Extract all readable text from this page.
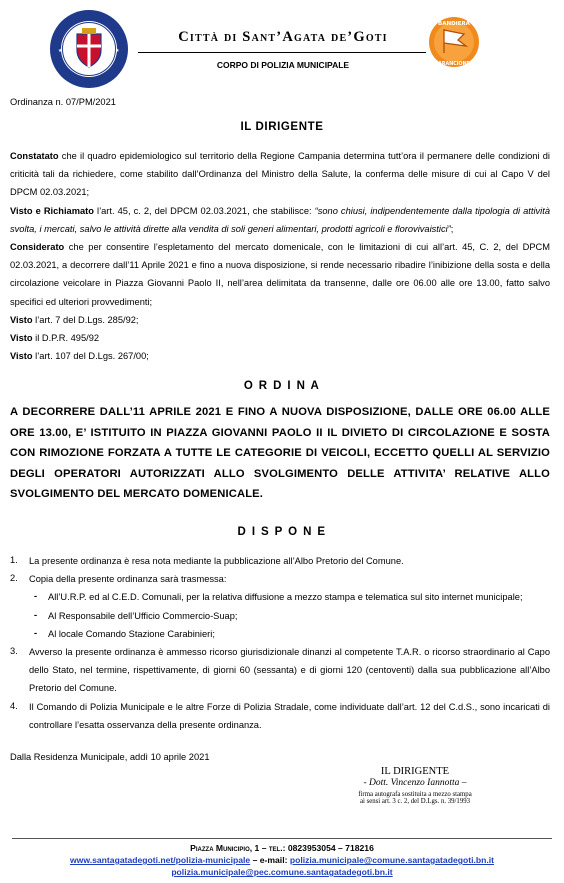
★	★
Città di Sant’Agata de’Goti
CORPO DI POLIZIA MUNICIPALE
BANDIERA
ARANCIONE
Ordinanza n. 07/PM/2021
IL DIRIGENTE

Constatato che il quadro epidemiologico sul territorio della Regione Campania determina tutt’ora il permanere delle condizioni di criticità tali da richiedere, come stabilito dall’Ordinanza del Ministro della Salute, la conferma delle misure di cui al Capo V del DPCM 02.03.2021;

Visto e Richiamato l’art. 45, c. 2, del DPCM 02.03.2021, che stabilisce: “sono chiusi, indipendentemente dalla tipologia di attività svolta, i mercati, salvo le attività dirette alla vendita di soli generi alimentari, prodotti agricoli e florovivaistici”;

Considerato che per consentire l’espletamento del mercato domenicale, con le limitazioni di cui all’art. 45, C. 2, del DPCM 02.03.2021, a decorrere dall’11 Aprile 2021 e fino a nuova disposizione, si rende necessario ribadire l’inibizione della sosta e della circolazione veicolare in Piazza Giovanni Paolo II, nell’area delimitata da transenne, dalle ore 06.00 alle ore 13.00, fatto salvo specifici ed ulteriori provvedimenti;

Visto l’art. 7 del D.Lgs. 285/92;

Visto il D.P.R. 495/92

Visto l’art. 107 del D.Lgs. 267/00;

O R D I N A

A DECORRERE DALL’11 APRILE 2021 E FINO A NUOVA DISPOSIZIONE, DALLE ORE 06.00 ALLE ORE 13.00, E’ ISTITUITO IN PIAZZA GIOVANNI PAOLO II IL DIVIETO DI CIRCOLAZIONE E SOSTA CON RIMOZIONE FORZATA A TUTTE LE CATEGORIE DI VEICOLI, ECCETTO QUELLI AL SERVIZIO DEGLI OPERATORI AUTORIZZATI ALLO SVOLGIMENTO DELLE ATTIVITA’ RELATIVE ALLO SVOLGIMENTO DEL MERCATO DOMENICALE.

D I S P O N E
1. La presente ordinanza è resa nota mediante la pubblicazione all’Albo Pretorio del Comune.

2. Copia della presente ordinanza sarà trasmessa:

- All’U.R.P. ed al C.E.D. Comunali, per la relativa diffusione a mezzo stampa e telematica sul sito internet municipale;

- Al Responsabile dell’Ufficio Commercio-Suap;

- Al locale Comando Stazione Carabinieri;

3. Avverso la presente ordinanza è ammesso ricorso giurisdizionale dinanzi al competente T.A.R. o ricorso straordinario al Capo dello Stato, nel termine, rispettivamente, di giorni 60 (sessanta) e di giorni 120 (centoventi) dalla sua pubblicazione all’Albo Pretorio del Comune.

4. Il Comando di Polizia Municipale e le altre Forze di Polizia Stradale, come individuate dall’art. 12 del C.d.S., sono incaricati di controllare l’esatta osservanza della presente ordinanza.

Dalla Residenza Municipale, addì 10 aprile 2021
IL DIRIGENTE
- Dott. Vincenzo Iannotta –
firma autografa sostituita a mezzo stampa
ai sensi art. 3 c. 2, del D.Lgs. n. 39/1993

Piazza Municipio, 1 – tel.: 0823953054 – 718216

www.santagatadegoti.net/polizia-municipale – e-mail: polizia.municipale@comune.santagatadegoti.bn.it

polizia.municipale@pec.comune.santagatadegoti.bn.it
